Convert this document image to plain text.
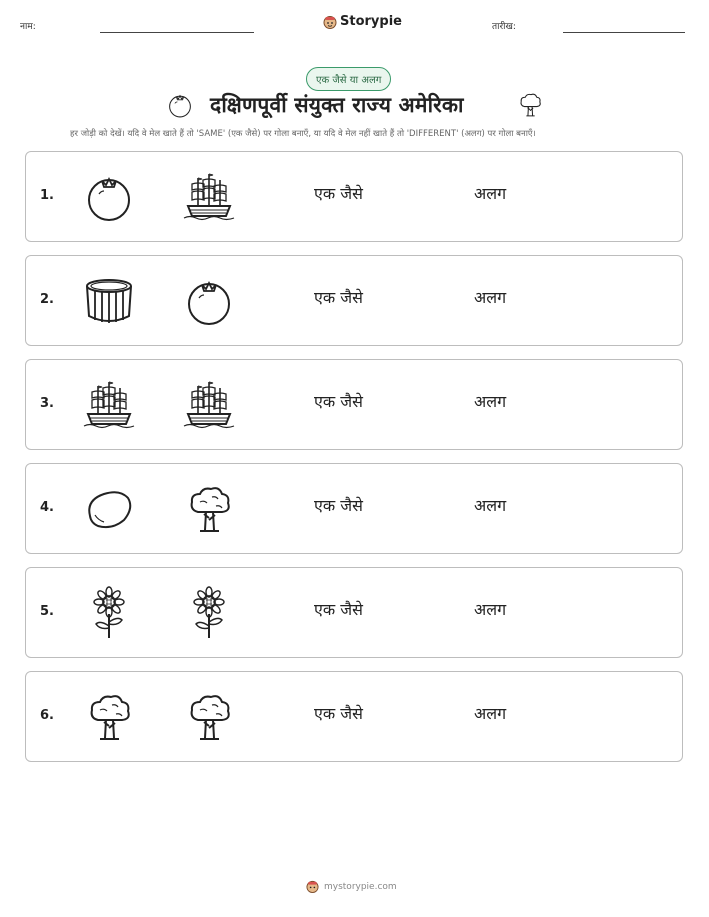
नाम:	Storypie	तारीख:
एक जैसे या अलग
दक्षिणपूर्वी संयुक्त राज्य अमेरिका
हर जोड़ी को देखें। यदि वे मेल खाते हैं तो 'SAME' (एक जैसे) पर गोला बनाएँ, या यदि वे मेल नहीं खाते हैं तो 'DIFFERENT' (अलग) पर गोला बनाएँ।
1.	एक जैसे	अलग
2.	एक जैसे	अलग
3.	एक जैसे	अलग
4.	एक जैसे	अलग
5.	एक जैसे	अलग
6.	एक जैसे	अलग
mystorypie.com
